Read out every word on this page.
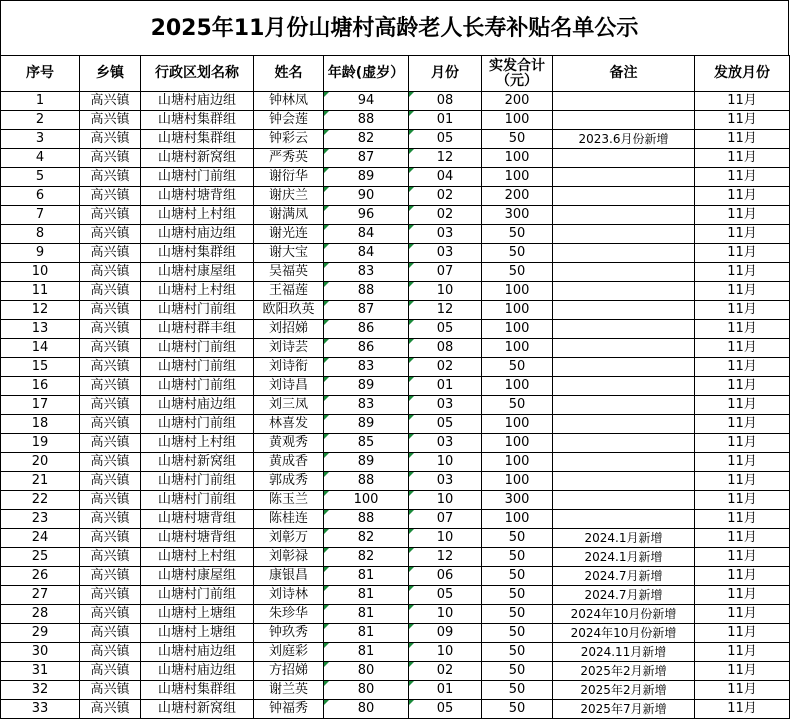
2025年11月份山塘村高龄老人长寿补贴名单公示
序号	乡镇	行政区划名称	姓名	年龄(虚岁）	月份	实发合计
（元）	备注	发放月份
1	高兴镇	山塘村庙边组	钟林凤	94	08	200		11月
2	高兴镇	山塘村集群组	钟会莲	88	01	100		11月
3	高兴镇	山塘村集群组	钟彩云	82	05	50	2023.6月份新增	11月
4	高兴镇	山塘村新窝组	严秀英	87	12	100		11月
5	高兴镇	山塘村门前组	谢衍华	89	04	100		11月
6	高兴镇	山塘村塘背组	谢庆兰	90	02	200		11月
7	高兴镇	山塘村上村组	谢满凤	96	02	300		11月
8	高兴镇	山塘村庙边组	谢光连	84	03	50		11月
9	高兴镇	山塘村集群组	谢大宝	84	03	50		11月
10	高兴镇	山塘村康屋组	吴福英	83	07	50		11月
11	高兴镇	山塘村上村组	王福莲	88	10	100		11月
12	高兴镇	山塘村门前组	欧阳玖英	87	12	100		11月
13	高兴镇	山塘村群丰组	刘招娣	86	05	100		11月
14	高兴镇	山塘村门前组	刘诗芸	86	08	100		11月
15	高兴镇	山塘村门前组	刘诗衔	83	02	50		11月
16	高兴镇	山塘村门前组	刘诗昌	89	01	100		11月
17	高兴镇	山塘村庙边组	刘三凤	83	03	50		11月
18	高兴镇	山塘村门前组	林喜发	89	05	100		11月
19	高兴镇	山塘村上村组	黄观秀	85	03	100		11月
20	高兴镇	山塘村新窝组	黄成香	89	10	100		11月
21	高兴镇	山塘村门前组	郭成秀	88	03	100		11月
22	高兴镇	山塘村门前组	陈玉兰	100	10	300		11月
23	高兴镇	山塘村塘背组	陈桂连	88	07	100		11月
24	高兴镇	山塘村塘背组	刘彰万	82	10	50	2024.1月新增	11月
25	高兴镇	山塘村上村组	刘彰禄	82	12	50	2024.1月新增	11月
26	高兴镇	山塘村康屋组	康银昌	81	06	50	2024.7月新增	11月
27	高兴镇	山塘村门前组	刘诗林	81	05	50	2024.7月新增	11月
28	高兴镇	山塘村上塘组	朱珍华	81	10	50	2024年10月份新增	11月
29	高兴镇	山塘村上塘组	钟玖秀	81	09	50	2024年10月份新增	11月
30	高兴镇	山塘村庙边组	刘庭彩	81	10	50	2024.11月新增	11月
31	高兴镇	山塘村庙边组	方招娣	80	02	50	2025年2月新增	11月
32	高兴镇	山塘村集群组	谢兰英	80	01	50	2025年2月新增	11月
33	高兴镇	山塘村新窝组	钟福秀	80	05	50	2025年7月新增	11月
